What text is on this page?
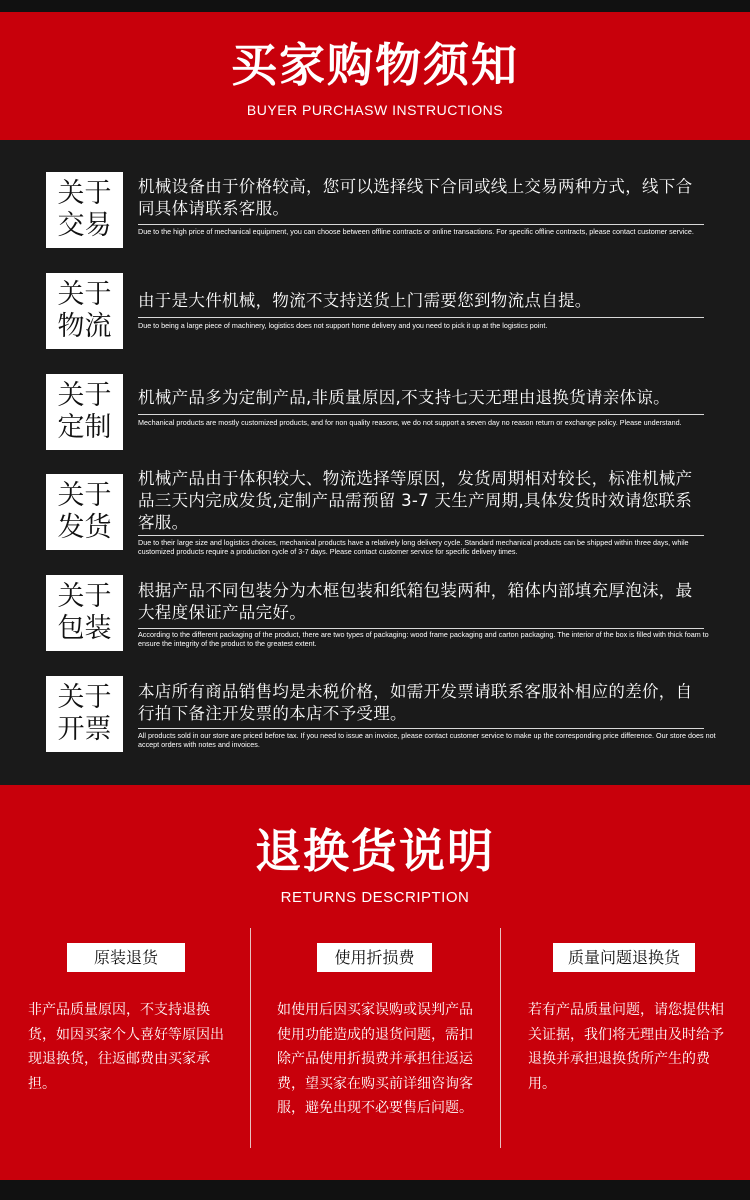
买家购物须知
BUYER PURCHASW INSTRUCTIONS
关于
交易
机械设备由于价格较高，您可以选择线下合同或线上交易两种方式，线下合同具体请联系客服。
Due to the high price of mechanical equipment, you can choose between offline contracts or online transactions. For specific offline contracts, please contact customer service.
关于
物流
由于是大件机械，物流不支持送货上门需要您到物流点自提。
Due to being a large piece of machinery, logistics does not support home delivery and you need to pick it up at the logistics point.
关于
定制
机械产品多为定制产品,非质量原因,不支持七天无理由退换货请亲体谅。
Mechanical products are mostly customized products, and for non quality reasons, we do not support a seven day no reason return or exchange policy. Please understand.
关于
发货
机械产品由于体积较大、物流选择等原因，发货周期相对较长，标准机械产品三天内完成发货,定制产品需预留 3-7 天生产周期,具体发货时效请您联系客服。
Due to their large size and logistics choices, mechanical products have a relatively long delivery cycle. Standard mechanical products can be shipped within three days, while customized products require a production cycle of 3-7 days. Please contact customer service for specific delivery times.
关于
包装
根据产品不同包装分为木框包装和纸箱包装两种，箱体内部填充厚泡沫，最大程度保证产品完好。
According to the different packaging of the product, there are two types of packaging: wood frame packaging and carton packaging. The interior of the box is filled with thick foam to ensure the integrity of the product to the greatest extent.
关于
开票
本店所有商品销售均是未税价格，如需开发票请联系客服补相应的差价，自行拍下备注开发票的本店不予受理。
All products sold in our store are priced before tax. If you need to issue an invoice, please contact customer service to make up the corresponding price difference. Our store does not accept orders with notes and invoices.
退换货说明
RETURNS DESCRIPTION
原装退货
非产品质量原因，不支持退换货，如因买家个人喜好等原因出现退换货，往返邮费由买家承担。
使用折损费
如使用后因买家误购或误判产品使用功能造成的退货问题，需扣除产品使用折损费并承担往返运费，望买家在购买前详细咨询客服，避免出现不必要售后问题。
质量问题退换货
若有产品质量问题，请您提供相关证据，我们将无理由及时给予退换并承担退换货所产生的费用。
